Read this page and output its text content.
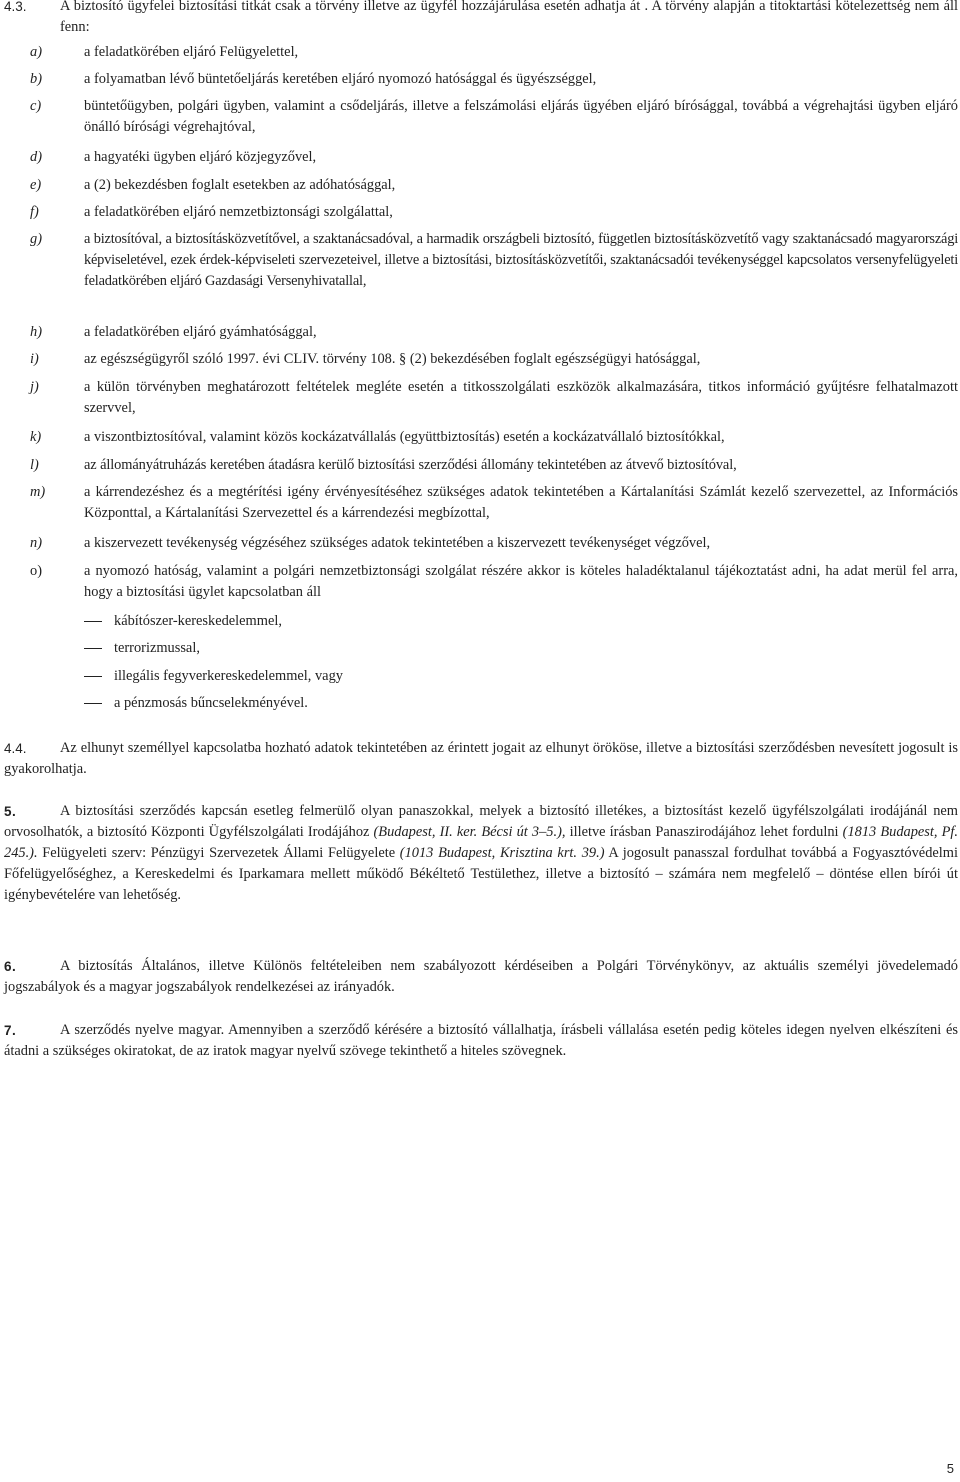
4.3. A biztosító ügyfelei biztosítási titkát csak a törvény illetve az ügyfél hozzájárulása esetén adhatja át . A törvény alapján a titoktartási kötelezettség nem áll fenn:
a)	a feladatkörében eljáró Felügyelettel,
b)	a folyamatban lévő büntetőeljárás keretében eljáró nyomozó hatósággal és ügyészséggel,
c)	büntetőügyben, polgári ügyben, valamint a csődeljárás, illetve a felszámolási eljárás ügyében eljáró bírósággal, továbbá a végrehajtási ügyben eljáró önálló bírósági végrehajtóval,
d)	a hagyatéki ügyben eljáró közjegyzővel,
e)	a (2) bekezdésben foglalt esetekben az adóhatósággal,
f)	a feladatkörében eljáró nemzetbiztonsági szolgálattal,
g)	a biztosítóval, a biztosításközvetítővel, a szaktanácsadóval, a harmadik országbeli biztosító, független biztosításközvetítő vagy szaktanácsadó magyarországi képviseletével, ezek érdek-képviseleti szervezeteivel, illetve a biztosítási, biztosításközvetítői, szaktanácsadói tevékenységgel kapcsolatos versenyfelügyeleti feladatkörében eljáró Gazdasági Versenyhivatallal,
h)	a feladatkörében eljáró gyámhatósággal,
i)	az egészségügyről szóló 1997. évi CLIV. törvény 108. § (2) bekezdésében foglalt egészségügyi hatósággal,
j)	a külön törvényben meghatározott feltételek megléte esetén a titkosszolgálati eszközök alkalmazására, titkos információ gyűjtésre felhatalmazott szervvel,
k)	a viszontbiztosítóval, valamint közös kockázatvállalás (együttbiztosítás) esetén a kockázatvállaló biztosítókkal,
l)	az állományátruházás keretében átadásra kerülő biztosítási szerződési állomány tekintetében az átvevő biztosítóval,
m)	a kárrendezéshez és a megtérítési igény érvényesítéséhez szükséges adatok tekintetében a Kártalanítási Számlát kezelő szervezettel, az Információs Központtal, a Kártalanítási Szervezettel és a kárrendezési megbízottal,
n)	a kiszervezett tevékenység végzéséhez szükséges adatok tekintetében a kiszervezett tevékenységet végzővel,
o)	a nyomozó hatóság, valamint a polgári nemzetbiztonsági szolgálat részére akkor is köteles haladéktalanul tájékoztatást adni, ha adat merül fel arra, hogy a biztosítási ügylet kapcsolatban áll
kábítószer-kereskedelemmel,
terrorizmussal,
illegális fegyverkereskedelemmel, vagy
a pénzmosás bűncselekményével.
4.4.	Az elhunyt személlyel kapcsolatba hozható adatok tekintetében az érintett jogait az elhunyt örököse, illetve a biztosítási szerződésben nevesített jogosult is gyakorolhatja.
5.	A biztosítási szerződés kapcsán esetleg felmerülő olyan panaszokkal, melyek a biztosító illetékes, a biztosítást kezelő ügyfélszolgálati irodájánál nem orvosolhatók, a biztosító Központi Ügyfélszolgálati Irodájához (Budapest, II. ker. Bécsi út 3–5.), illetve írásban Panaszirodájához lehet fordulni (1813 Budapest, Pf. 245.). Felügyeleti szerv: Pénzügyi Szervezetek Állami Felügyelete (1013 Budapest, Krisztina krt. 39.) A jogosult panasszal fordulhat továbbá a Fogyasztóvédelmi Főfelügyelőséghez, a Kereskedelmi és Iparkamara mellett működő Békéltető Testülethez, illetve a biztosító – számára nem megfelelő – döntése ellen bírói út igénybevételére van lehetőség.
6.	A biztosítás Általános, illetve Különös feltételeiben nem szabályozott kérdéseiben a Polgári Törvénykönyv, az aktuális személyi jövedelemadó jogszabályok és a magyar jogszabályok rendelkezései az irányadók.
7.	A szerződés nyelve magyar. Amennyiben a szerződő kérésére a biztosító vállalhatja, írásbeli vállalása esetén pedig köteles idegen nyelven elkészíteni és átadni a szükséges okiratokat, de az iratok magyar nyelvű szövege tekinthető a hiteles szövegnek.
5
